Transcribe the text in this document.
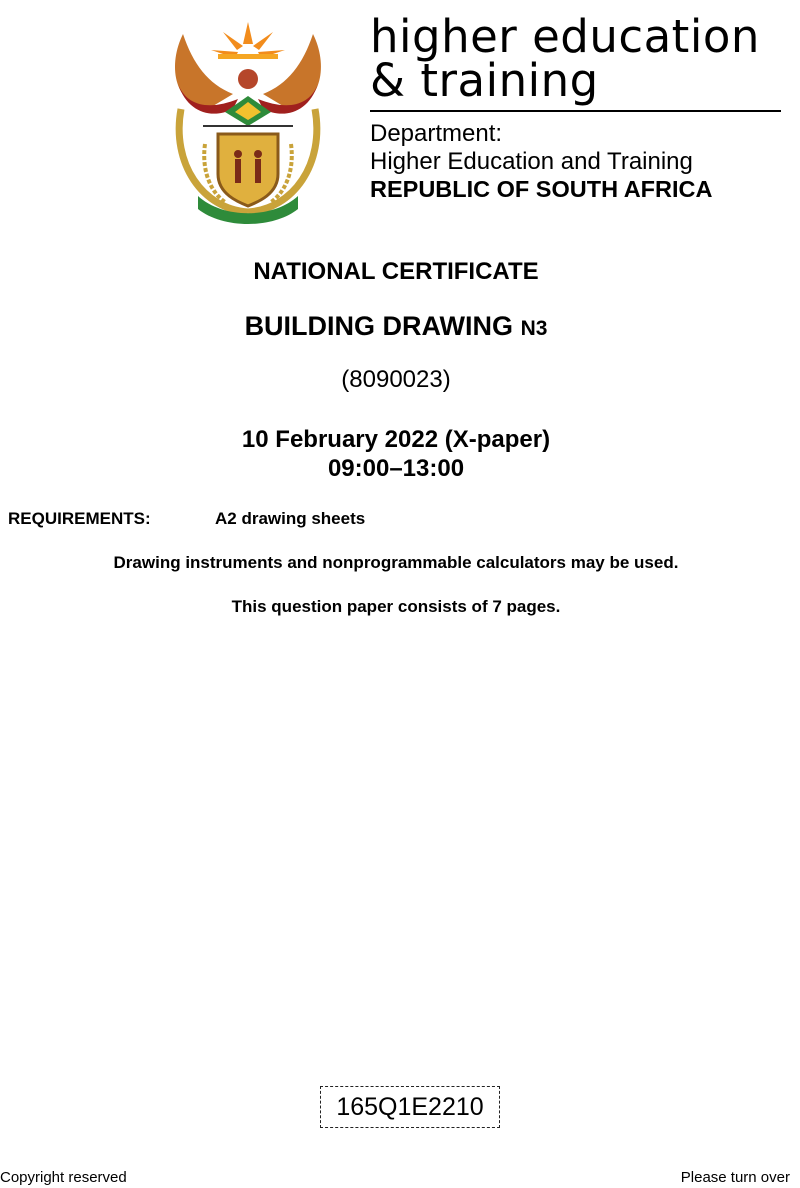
higher education
& training
Department:
Higher Education and Training
REPUBLIC OF SOUTH AFRICA
NATIONAL CERTIFICATE
BUILDING DRAWING N3
(8090023)
10 February 2022 (X-paper)
09:00–13:00
REQUIREMENTS:	A2 drawing sheets
Drawing instruments and nonprogrammable calculators may be used.
This question paper consists of 7 pages.
165Q1E2210
Copyright reserved	Please turn over
